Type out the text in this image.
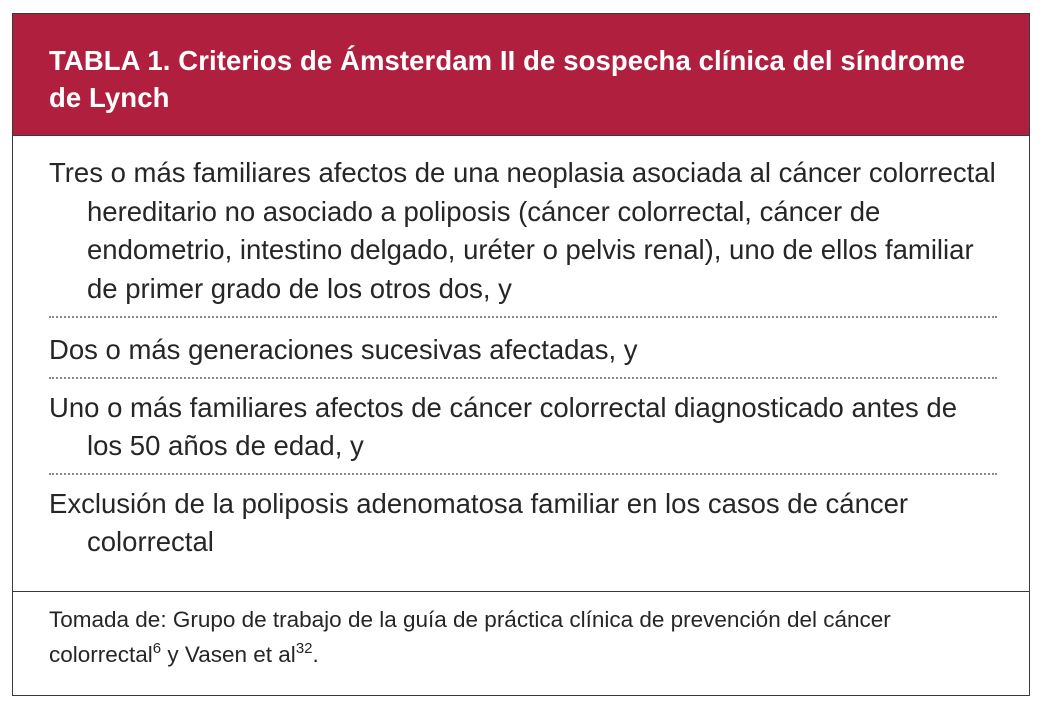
TABLA 1. Criterios de Ámsterdam II de sospecha clínica del síndrome de Lynch
Tres o más familiares afectos de una neoplasia asociada al cáncer colorrectal hereditario no asociado a poliposis (cáncer colorrectal, cáncer de endometrio, intestino delgado, uréter o pelvis renal), uno de ellos familiar de primer grado de los otros dos, y
Dos o más generaciones sucesivas afectadas, y
Uno o más familiares afectos de cáncer colorrectal diagnosticado antes de los 50 años de edad, y
Exclusión de la poliposis adenomatosa familiar en los casos de cáncer colorrectal

Tomada de: Grupo de trabajo de la guía de práctica clínica de prevención del cáncer colorrectal$^6$ y Vasen et $al^{32}$.
